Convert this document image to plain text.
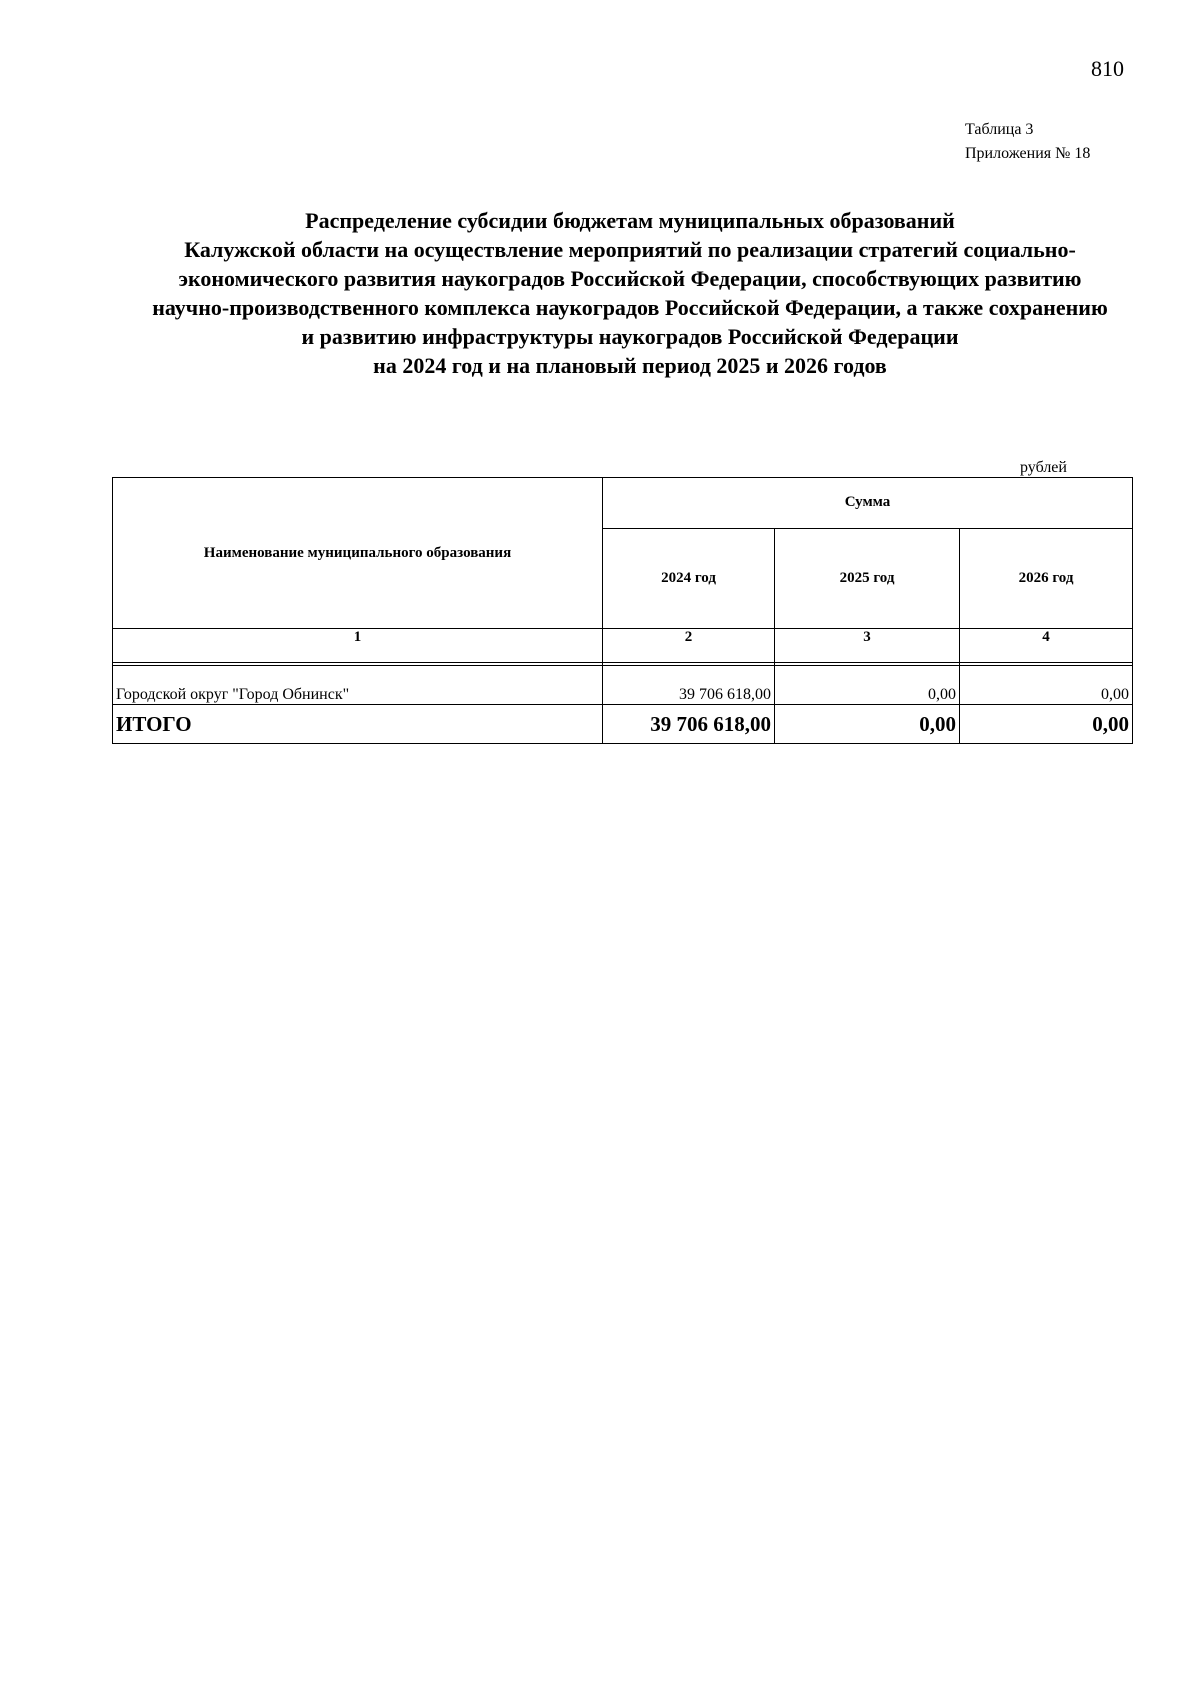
810
Таблица 3
Приложения № 18
Распределение субсидии бюджетам муниципальных образований
Калужской области на осуществление мероприятий по реализации стратегий социально-
экономического развития наукоградов Российской Федерации, способствующих развитию
научно-производственного комплекса наукоградов Российской Федерации, а также сохранению
и развитию инфраструктуры наукоградов Российской Федерации
на 2024 год и на плановый период 2025 и 2026 годов
рублей
Наименование муниципального образования	Сумма		
	2024 год	2025 год	2026 год
1	2	3	4

Городской округ "Город Обнинск"	39 706 618,00	0,00	0,00
ИТОГО	39 706 618,00	0,00	0,00
